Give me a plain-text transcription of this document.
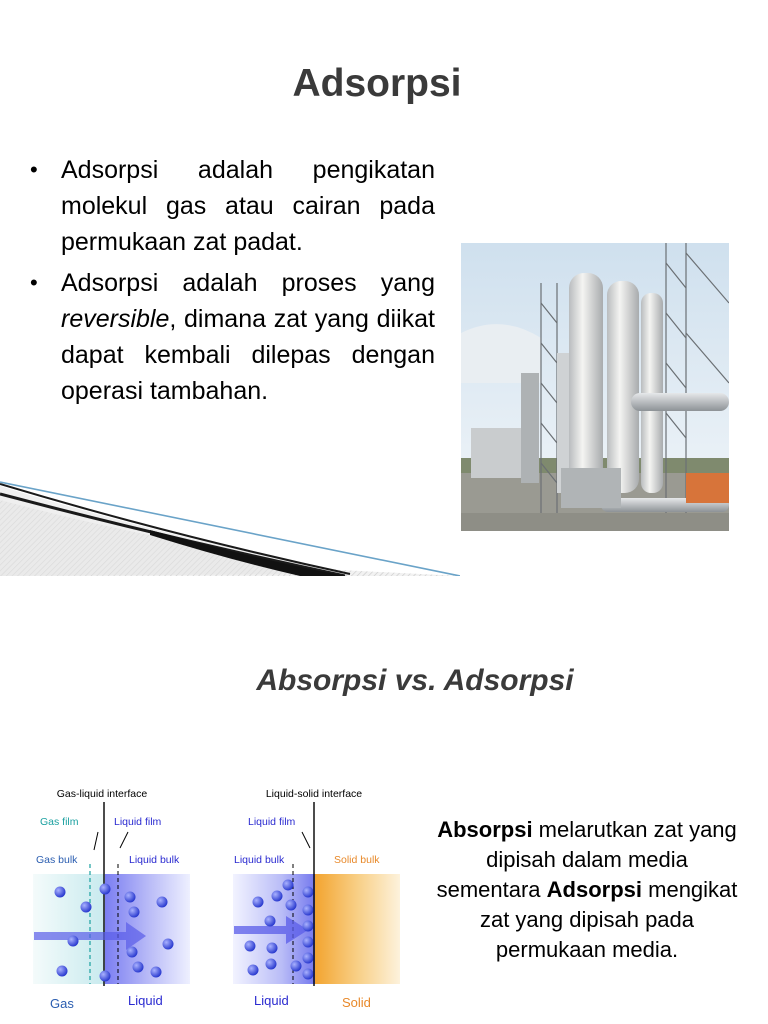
Adsorpsi
• Adsorpsi adalah pengikatan molekul gas atau cairan pada permukaan zat padat.
• Adsorpsi adalah proses yang reversible, dimana zat yang diikat dapat kembali dilepas dengan operasi tambahan.
Absorpsi vs. Adsorpsi
Gas-liquid interface
Gas film	Liquid film
Gas bulk	Liquid bulk
Gas	Liquid
Liquid-solid interface
Liquid film
Liquid bulk	Solid bulk
Liquid	Solid

Absorpsi melarutkan zat yang dipisah dalam media sementara Adsorpsi mengikat zat yang dipisah pada permukaan media.
